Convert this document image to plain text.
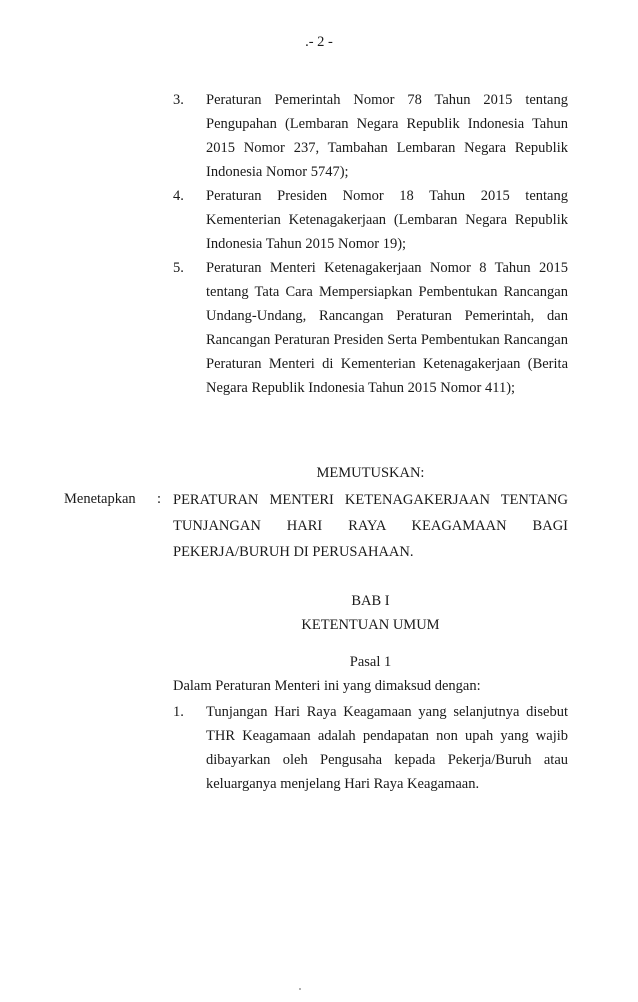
.- 2 -
3. Peraturan Pemerintah Nomor 78 Tahun 2015 tentang Pengupahan (Lembaran Negara Republik Indonesia Tahun 2015 Nomor 237, Tambahan Lembaran Negara Republik Indonesia Nomor 5747);
4. Peraturan Presiden Nomor 18 Tahun 2015 tentang Kementerian Ketenagakerjaan (Lembaran Negara Republik Indonesia Tahun 2015 Nomor 19);
5. Peraturan Menteri Ketenagakerjaan Nomor 8 Tahun 2015 tentang Tata Cara Mempersiapkan Pembentukan Rancangan Undang-Undang, Rancangan Peraturan Pemerintah, dan Rancangan Peraturan Presiden Serta Pembentukan Rancangan Peraturan Menteri di Kementerian Ketenagakerjaan (Berita Negara Republik Indonesia Tahun 2015 Nomor 411);
MEMUTUSKAN:
Menetapkan : PERATURAN MENTERI KETENAGAKERJAAN TENTANG TUNJANGAN HARI RAYA KEAGAMAAN BAGI PEKERJA/BURUH DI PERUSAHAAN.
BAB I
KETENTUAN UMUM
Pasal 1
Dalam Peraturan Menteri ini yang dimaksud dengan:
1. Tunjangan Hari Raya Keagamaan yang selanjutnya disebut THR Keagamaan adalah pendapatan non upah yang wajib dibayarkan oleh Pengusaha kepada Pekerja/Buruh atau keluarganya menjelang Hari Raya Keagamaan.
